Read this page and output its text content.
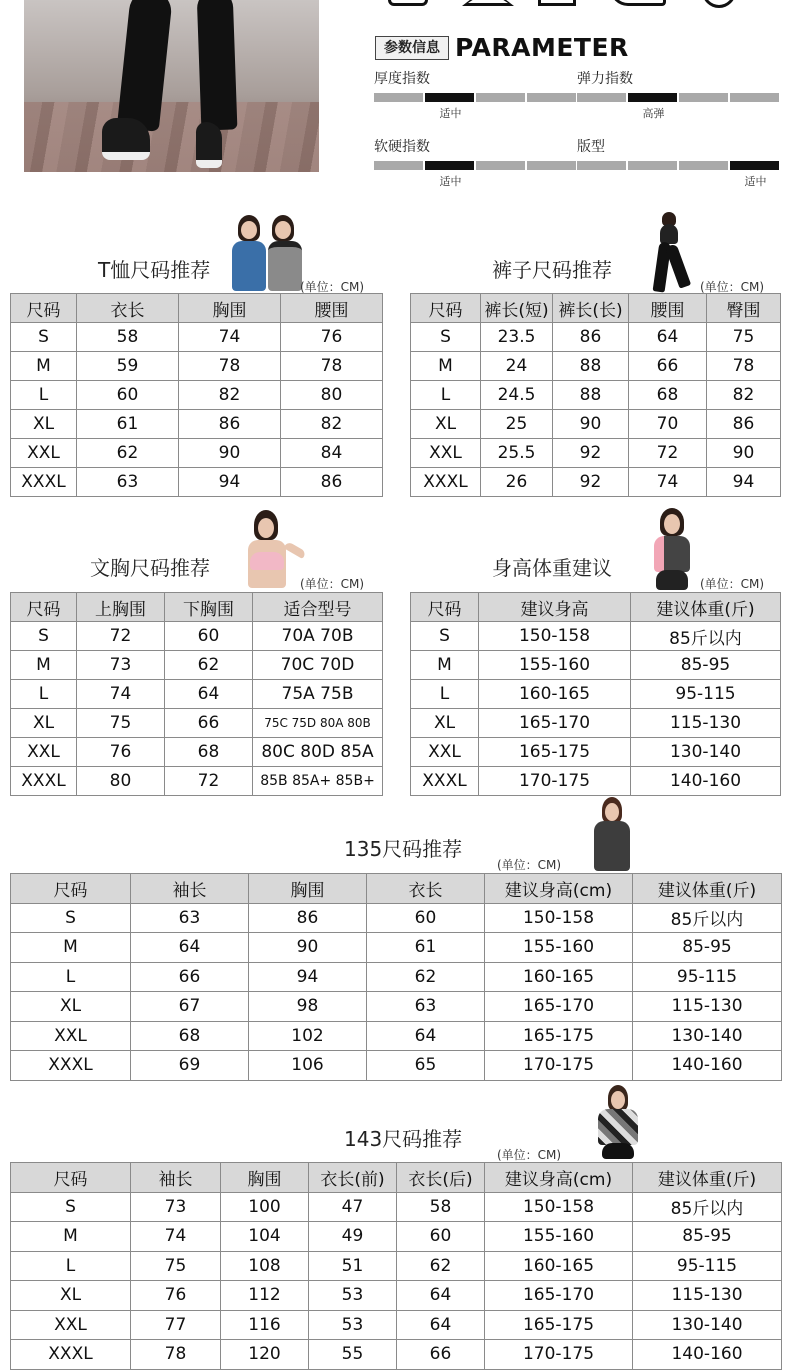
参数信息 PARAMETER
厚度指数
适中
弹力指数
高弹
软硬指数
适中
版型
适中
T恤尺码推荐
(单位：CM)
尺码	衣长	胸围	腰围
S	58	74	76
M	59	78	78
L	60	82	80
XL	61	86	82
XXL	62	90	84
XXXL	63	94	86
裤子尺码推荐
(单位：CM)
尺码	裤长(短)	裤长(长)	腰围	臀围
S	23.5	86	64	75
M	24	88	66	78
L	24.5	88	68	82
XL	25	90	70	86
XXL	25.5	92	72	90
XXXL	26	92	74	94
文胸尺码推荐
(单位：CM)
尺码	上胸围	下胸围	适合型号
S	72	60	70A 70B
M	73	62	70C 70D
L	74	64	75A 75B
XL	75	66	75C 75D 80A 80B
XXL	76	68	80C 80D 85A
XXXL	80	72	85B 85A+ 85B+
身高体重建议
(单位：CM)
尺码	建议身高	建议体重(斤)
S	150-158	85斤以内
M	155-160	85-95
L	160-165	95-115
XL	165-170	115-130
XXL	165-175	130-140
XXXL	170-175	140-160
135尺码推荐
(单位：CM)
尺码	袖长	胸围	衣长	建议身高(cm)	建议体重(斤)
S	63	86	60	150-158	85斤以内
M	64	90	61	155-160	85-95
L	66	94	62	160-165	95-115
XL	67	98	63	165-170	115-130
XXL	68	102	64	165-175	130-140
XXXL	69	106	65	170-175	140-160
143尺码推荐
(单位：CM)
尺码	袖长	胸围	衣长(前)	衣长(后)	建议身高(cm)	建议体重(斤)
S	73	100	47	58	150-158	85斤以内
M	74	104	49	60	155-160	85-95
L	75	108	51	62	160-165	95-115
XL	76	112	53	64	165-170	115-130
XXL	77	116	53	64	165-175	130-140
XXXL	78	120	55	66	170-175	140-160
